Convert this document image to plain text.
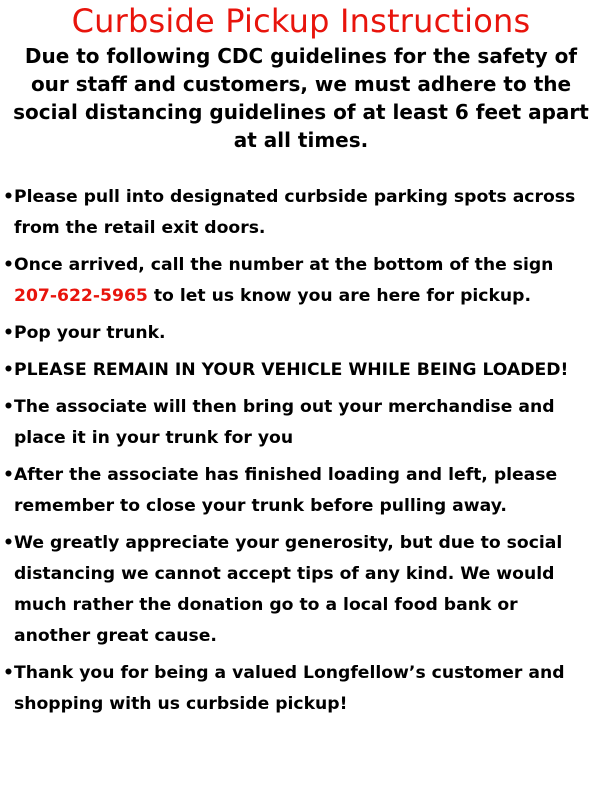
Curbside Pickup Instructions

Due to following CDC guidelines for the safety of our staff and customers, we must adhere to the social distancing guidelines of at least 6 feet apart at all times.

• Please pull into designated curbside parking spots across from the retail exit doors.
• Once arrived, call the number at the bottom of the sign 207-622-5965 to let us know you are here for pickup.
• Pop your trunk.
• PLEASE REMAIN IN YOUR VEHICLE WHILE BEING LOADED!
• The associate will then bring out your merchandise and place it in your trunk for you
• After the associate has finished loading and left, please remember to close your trunk before pulling away.
• We greatly appreciate your generosity, but due to social distancing we cannot accept tips of any kind. We would much rather the donation go to a local food bank or another great cause.
• Thank you for being a valued Longfellow’s customer and shopping with us curbside pickup!
